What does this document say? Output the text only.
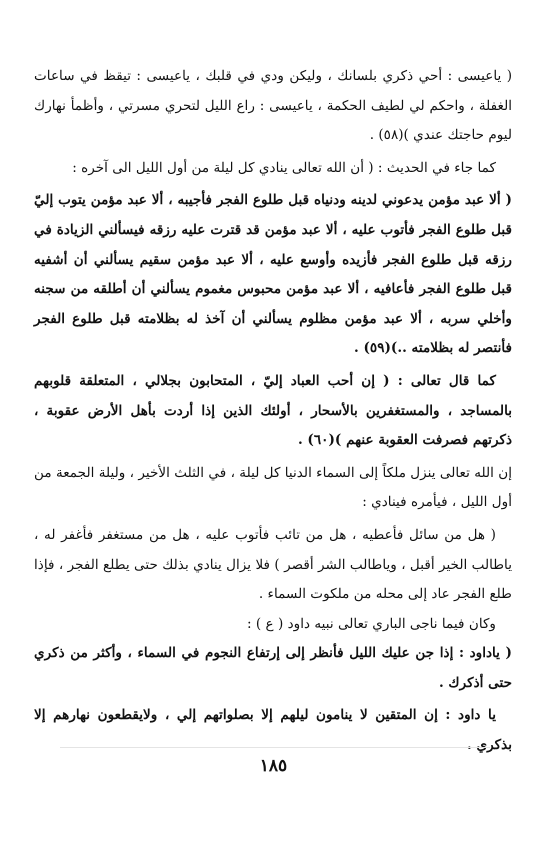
( ياعيسى : أحي ذكري بلسانك ، وليكن ودي في قلبك ، ياعيسى : تيقظ في ساعات الغفلة ، واحكم لي لطيف الحكمة ، ياعيسى : راع الليل لتحري مسرتي ، وأظمأ نهارك ليوم حاجتك عندي )(٥٨) .

كما جاء في الحديث : ( أن الله تعالى ينادي كل ليلة من أول الليل الى آخره :

( ألا عبد مؤمن يدعوني لدينه ودنياه قبل طلوع الفجر فأجيبه ، ألا عبد مؤمن يتوب إليّ قبل طلوع الفجر فأتوب عليه ، ألا عبد مؤمن قد قترت عليه رزقه فيسألني الزيادة في رزقه قبل طلوع الفجر فأزيده وأوسع عليه ، ألا عبد مؤمن سقيم يسألني أن أشفيه قبل طلوع الفجر فأعافيه ، ألا عبد مؤمن محبوس مغموم يسألني أن أطلقه من سجنه وأخلي سربه ، ألا عبد مؤمن مظلوم يسألني أن آخذ له بظلامته قبل طلوع الفجر فأنتصر له بظلامته ..)(٥٩) .

كما قال تعالى : ( إن أحب العباد إليّ ، المتحابون بجلالي ، المتعلقة قلوبهم بالمساجد ، والمستغفرين بالأسحار ، أولئك الذين إذا أردت بأهل الأرض عقوبة ، ذكرتهم فصرفت العقوبة عنهم )(٦٠) .

إن الله تعالى ينزل ملكاً إلى السماء الدنيا كل ليلة ، في الثلث الأخير ، وليلة الجمعة من أول الليل ، فيأمره فينادي :

( هل من سائل فأعطيه ، هل من تائب فأتوب عليه ، هل من مستغفر فأغفر له ، ياطالب الخير أقبل ، وياطالب الشر أقصر ) فلا يزال ينادي بذلك حتى يطلع الفجر ، فإذا طلع الفجر عاد إلى محله من ملكوت السماء .

وكان فيما ناجى الباري تعالى نبيه داود ( ع ) :

( ياداود : إذا جن عليك الليل فأنظر إلى إرتفاع النجوم في السماء ، وأكثر من ذكري حتى أذكرك .

يا داود : إن المتقين لا ينامون ليلهم إلا بصلواتهم إلي ، ولايقطعون نهارهم إلا بذكري .

١٨٥
